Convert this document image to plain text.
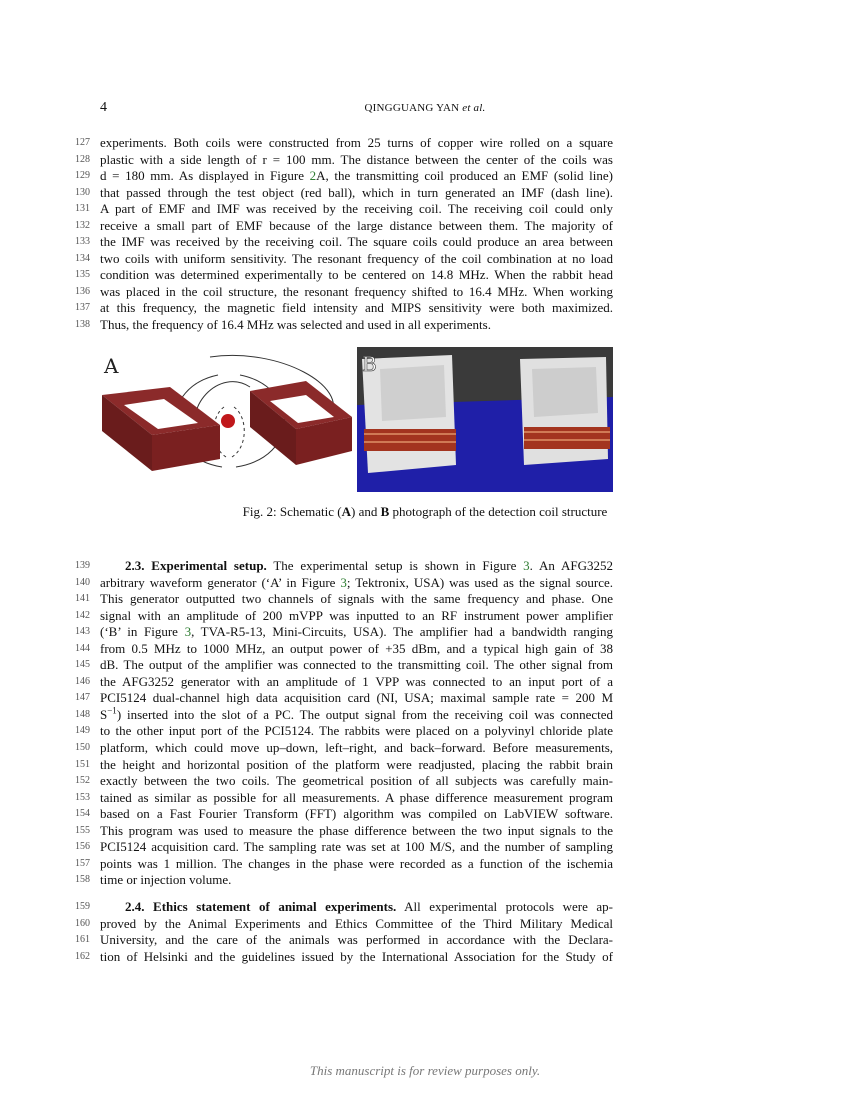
4	QINGGUANG YAN et al.
127 experiments. Both coils were constructed from 25 turns of copper wire rolled on a square
128 plastic with a side length of r = 100 mm. The distance between the center of the coils was
129 d = 180 mm. As displayed in Figure 2A, the transmitting coil produced an EMF (solid line)
130 that passed through the test object (red ball), which in turn generated an IMF (dash line).
131 A part of EMF and IMF was received by the receiving coil. The receiving coil could only
132 receive a small part of EMF because of the large distance between them. The majority of
133 the IMF was received by the receiving coil. The square coils could produce an area between
134 two coils with uniform sensitivity. The resonant frequency of the coil combination at no load
135 condition was determined experimentally to be centered on 14.8 MHz. When the rabbit head
136 was placed in the coil structure, the resonant frequency shifted to 16.4 MHz. When working
137 at this frequency, the magnetic field intensity and MIPS sensitivity were both maximized.
138 Thus, the frequency of 16.4 MHz was selected and used in all experiments.
A	B
Fig. 2: Schematic (A) and B photograph of the detection coil structure
139	2.3. Experimental setup. The experimental setup is shown in Figure 3. An AFG3252
140 arbitrary waveform generator (‘A’ in Figure 3; Tektronix, USA) was used as the signal source.
141 This generator outputted two channels of signals with the same frequency and phase. One
142 signal with an amplitude of 200 mVPP was inputted to an RF instrument power amplifier
143 (‘B’ in Figure 3, TVA-R5-13, Mini-Circuits, USA). The amplifier had a bandwidth ranging
144 from 0.5 MHz to 1000 MHz, an output power of +35 dBm, and a typical high gain of 38
145 dB. The output of the amplifier was connected to the transmitting coil. The other signal from
146 the AFG3252 generator with an amplitude of 1 VPP was connected to an input port of a
147 PCI5124 dual-channel high data acquisition card (NI, USA; maximal sample rate = 200 M
148 $S^{-1}$) inserted into the slot of a PC. The output signal from the receiving coil was connected
149 to the other input port of the PCI5124. The rabbits were placed on a polyvinyl chloride plate
150 platform, which could move up–down, left–right, and back–forward. Before measurements,
151 the height and horizontal position of the platform were readjusted, placing the rabbit brain
152 exactly between the two coils. The geometrical position of all subjects was carefully main-
153 tained as similar as possible for all measurements. A phase difference measurement program
154 based on a Fast Fourier Transform (FFT) algorithm was compiled on LabVIEW software.
155 This program was used to measure the phase difference between the two input signals to the
156 PCI5124 acquisition card. The sampling rate was set at 100 M/S, and the number of sampling
157 points was 1 million. The changes in the phase were recorded as a function of the ischemia
158 time or injection volume.
159	2.4. Ethics statement of animal experiments. All experimental protocols were ap-
160 proved by the Animal Experiments and Ethics Committee of the Third Military Medical
161 University, and the care of the animals was performed in accordance with the Declara-
162 tion of Helsinki and the guidelines issued by the International Association for the Study of
This manuscript is for review purposes only.
